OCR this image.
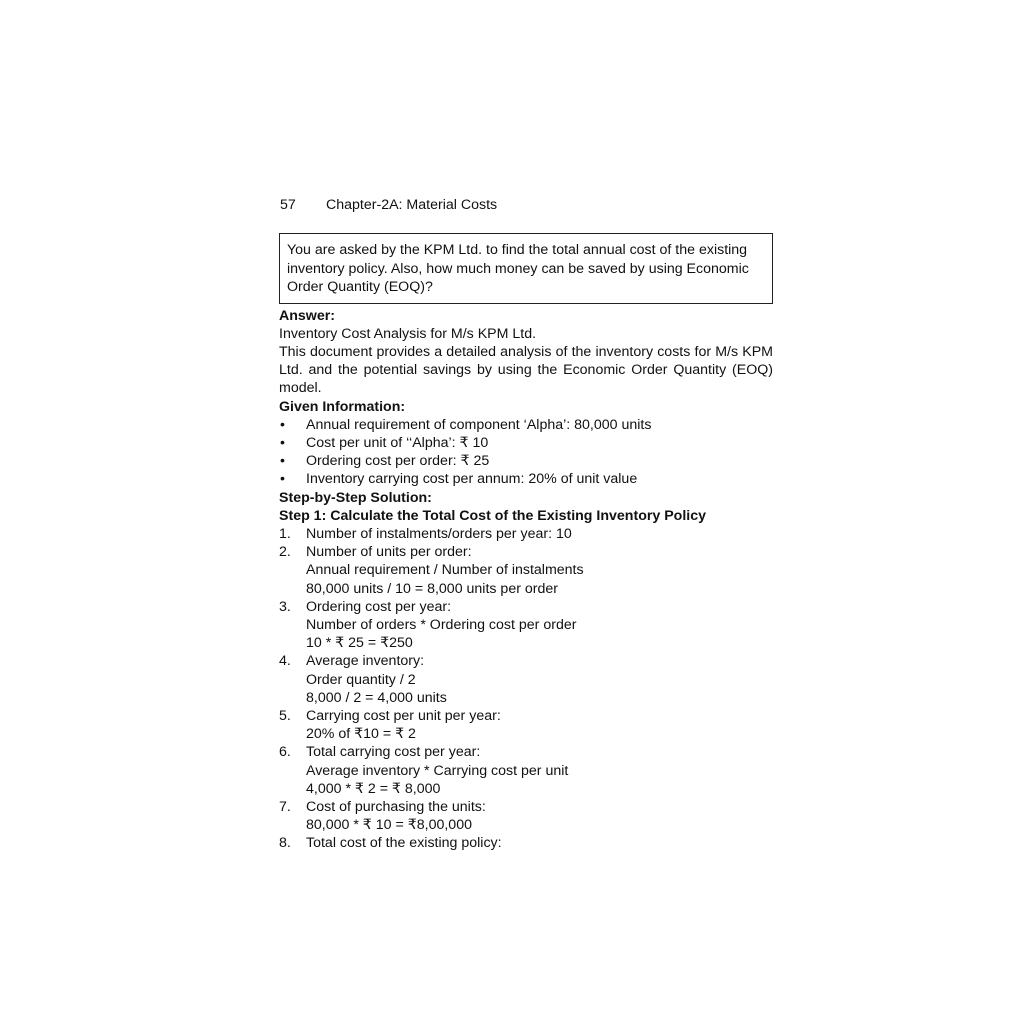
57 Chapter-2A: Material Costs
You are asked by the KPM Ltd. to find the total annual cost of the existing
inventory policy. Also, how much money can be saved by using Economic
Order Quantity (EOQ)?
Answer:
Inventory Cost Analysis for M/s KPM Ltd.
This document provides a detailed analysis of the inventory costs for M/s KPM Ltd. and the potential savings by using the Economic Order Quantity (EOQ) model.
Given Information:
• Annual requirement of component ‘Alpha’: 80,000 units
• Cost per unit of ‘‘Alpha’: ₹ 10
• Ordering cost per order: ₹ 25
• Inventory carrying cost per annum: 20% of unit value
Step-by-Step Solution:
Step 1: Calculate the Total Cost of the Existing Inventory Policy
1. Number of instalments/orders per year: 10
2. Number of units per order:
Annual requirement / Number of instalments
80,000 units / 10 = 8,000 units per order
3. Ordering cost per year:
Number of orders * Ordering cost per order
10 * ₹ 25 = ₹250
4. Average inventory:
Order quantity / 2
8,000 / 2 = 4,000 units
5. Carrying cost per unit per year:
20% of ₹10 = ₹ 2
6. Total carrying cost per year:
Average inventory * Carrying cost per unit
4,000 * ₹ 2 = ₹ 8,000
7. Cost of purchasing the units:
80,000 * ₹ 10 = ₹8,00,000
8. Total cost of the existing policy:
